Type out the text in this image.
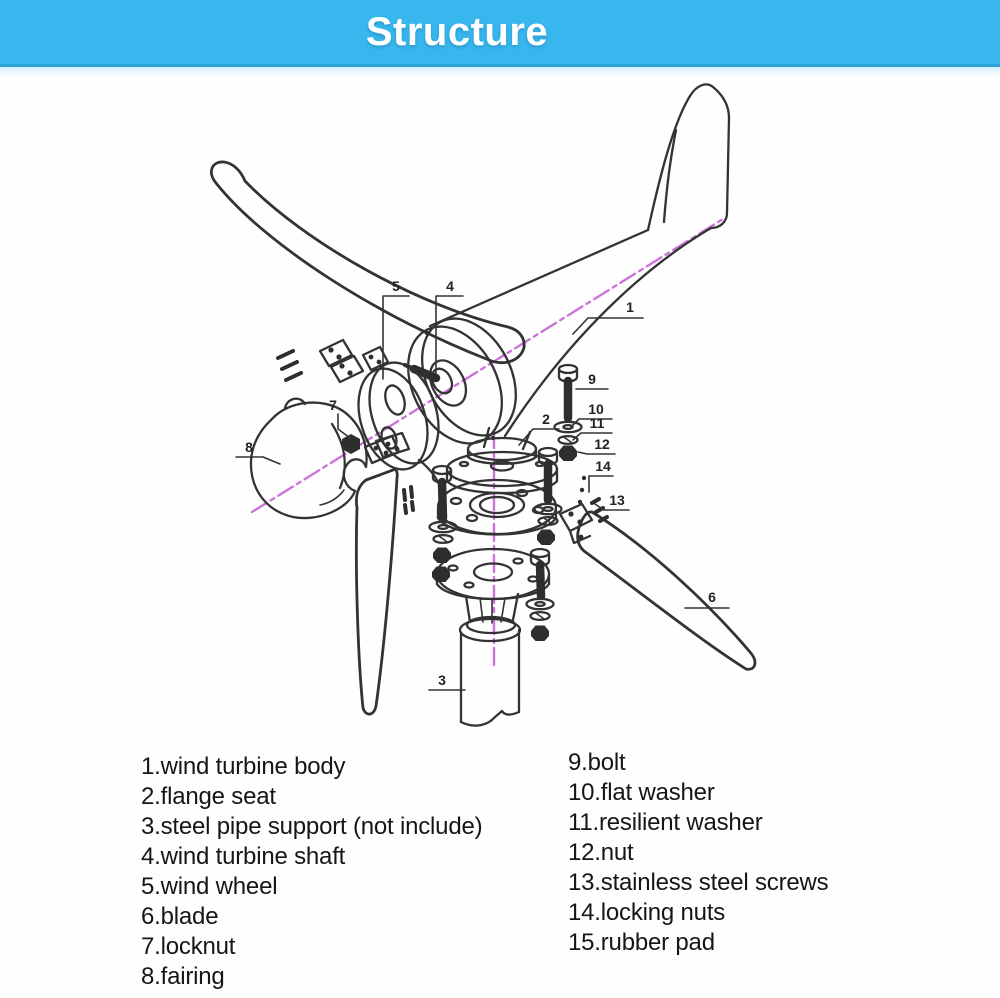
Structure
1
2
3
4
5
6
7
8
9
10
11
12
13
14
1.wind turbine body
2.flange seat
3.steel pipe support (not include)
4.wind turbine shaft
5.wind wheel
6.blade
7.locknut
8.fairing
9.bolt
10.flat washer
11.resilient washer
12.nut
13.stainless steel screws
14.locking nuts
15.rubber pad
